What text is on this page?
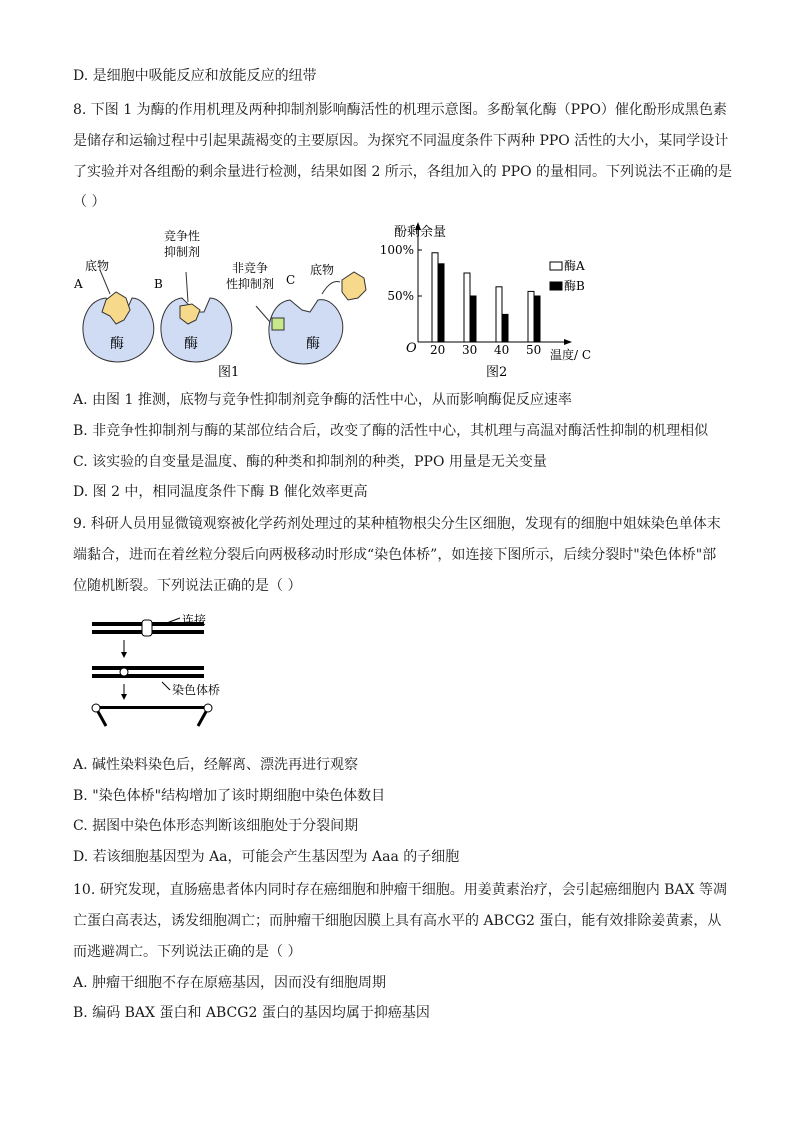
D. 是细胞中吸能反应和放能反应的纽带
8. 下图 1 为酶的作用机理及两种抑制剂影响酶活性的机理示意图。多酚氧化酶（PPO）催化酚形成黑色素
是储存和运输过程中引起果蔬褐变的主要原因。为探究不同温度条件下两种 PPO 活性的大小，某同学设计
了实验并对各组酚的剩余量进行检测，结果如图 2 所示，各组加入的 PPO 的量相同。下列说法不正确的是
（ ）
A
底物
酶
B
竞争性
抑制剂
酶
C
非竞争
性抑制剂
底物
酶
图1
酚剩余量
O	温度/ C
20 30 40 50
50%
100%
酶A
酶B
图2
A. 由图 1 推测，底物与竞争性抑制剂竞争酶的活性中心，从而影响酶促反应速率
B. 非竞争性抑制剂与酶的某部位结合后，改变了酶的活性中心，其机理与高温对酶活性抑制的机理相似
C. 该实验的自变量是温度、酶的种类和抑制剂的种类，PPO 用量是无关变量
D. 图 2 中，相同温度条件下酶 B 催化效率更高
9. 科研人员用显微镜观察被化学药剂处理过的某种植物根尖分生区细胞，发现有的细胞中姐妹染色单体末
端黏合，进而在着丝粒分裂后向两极移动时形成“染色体桥”，如连接下图所示，后续分裂时"染色体桥"部
位随机断裂。下列说法正确的是（ ）
连接
染色体桥
A. 碱性染料染色后，经解离、漂洗再进行观察
B. "染色体桥"结构增加了该时期细胞中染色体数目
C. 据图中染色体形态判断该细胞处于分裂间期
D. 若该细胞基因型为 Aa，可能会产生基因型为 Aaa 的子细胞
10. 研究发现，直肠癌患者体内同时存在癌细胞和肿瘤干细胞。用姜黄素治疗，会引起癌细胞内 BAX 等凋
亡蛋白高表达，诱发细胞凋亡；而肿瘤干细胞因膜上具有高水平的 ABCG2 蛋白，能有效排除姜黄素，从
而逃避凋亡。下列说法正确的是（ ）
A. 肿瘤干细胞不存在原癌基因，因而没有细胞周期
B. 编码 BAX 蛋白和 ABCG2 蛋白的基因均属于抑癌基因
